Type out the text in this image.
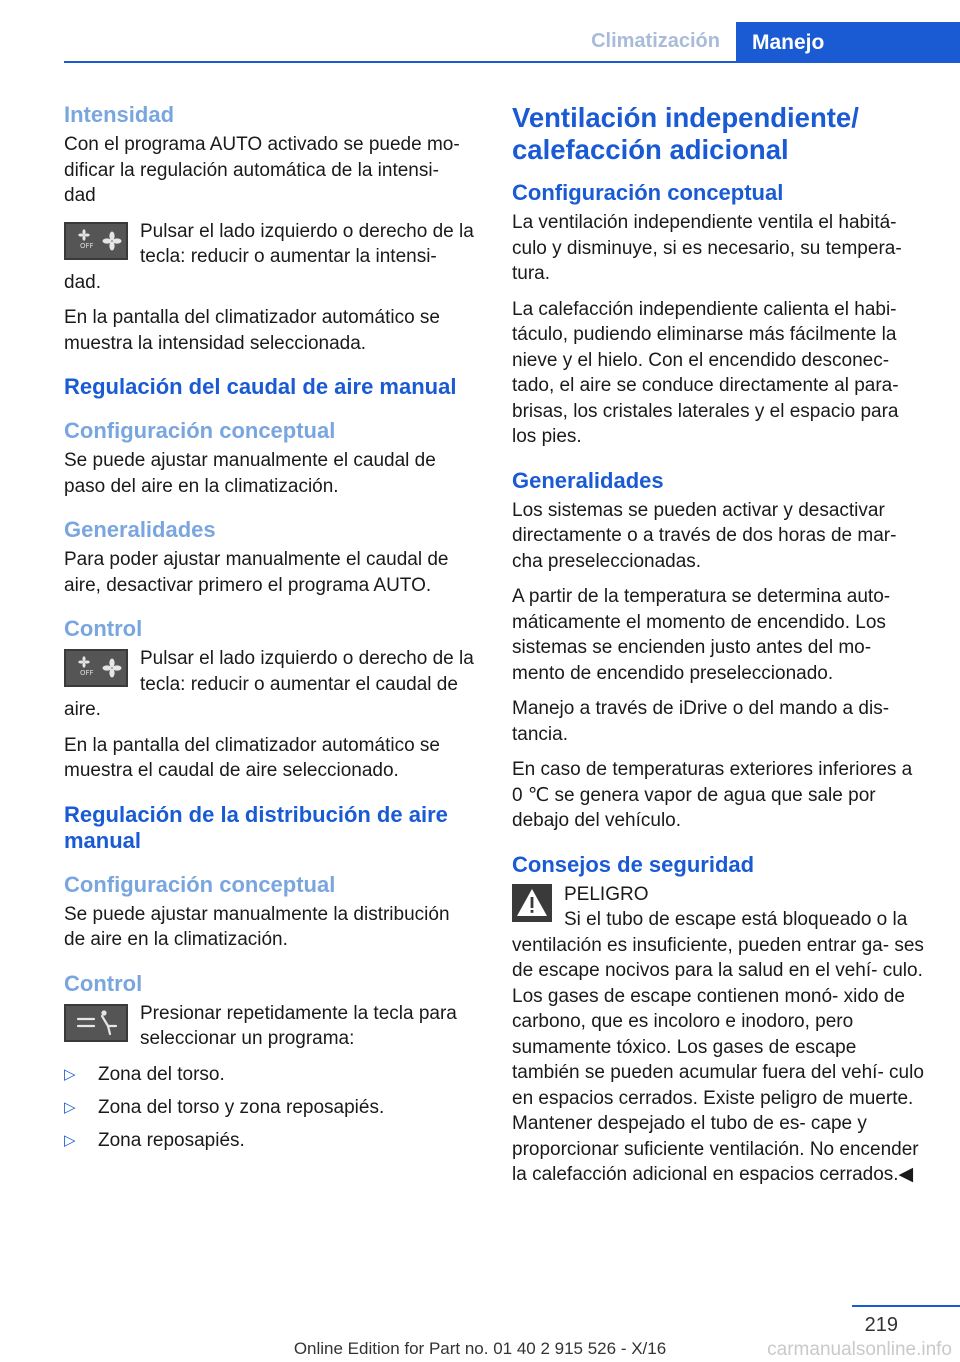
Climatización	Manejo
Intensidad

Con el programa AUTO activado se puede mo‐ dificar la regulación automática de la intensi‐ dad

OFF
Pulsar el lado izquierdo o derecho de la tecla: reducir o aumentar la intensi‐ dad.

En la pantalla del climatizador automático se muestra la intensidad seleccionada.

Regulación del caudal de aire manual
Configuración conceptual

Se puede ajustar manualmente el caudal de paso del aire en la climatización.

Generalidades

Para poder ajustar manualmente el caudal de aire, desactivar primero el programa AUTO.

Control

OFF
Pulsar el lado izquierdo o derecho de la tecla: reducir o aumentar el caudal de aire.

En la pantalla del climatizador automático se muestra el caudal de aire seleccionado.

Regulación de la distribución de aire manual
Configuración conceptual

Se puede ajustar manualmente la distribución de aire en la climatización.

Control

Presionar repetidamente la tecla para seleccionar un programa:

▷ Zona del torso.
▷ Zona del torso y zona reposapiés.
▷ Zona reposapiés.
Ventilación independiente/ calefacción adicional
Configuración conceptual

La ventilación independiente ventila el habitá‐ culo y disminuye, si es necesario, su tempera‐ tura.

La calefacción independiente calienta el habi‐ táculo, pudiendo eliminarse más fácilmente la nieve y el hielo. Con el encendido desconec‐ tado, el aire se conduce directamente al para‐ brisas, los cristales laterales y el espacio para los pies.

Generalidades

Los sistemas se pueden activar y desactivar directamente o a través de dos horas de mar‐ cha preseleccionadas.

A partir de la temperatura se determina auto‐ máticamente el momento de encendido. Los sistemas se encienden justo antes del mo‐ mento de encendido preseleccionado.

Manejo a través de iDrive o del mando a dis‐ tancia.

En caso de temperaturas exteriores inferiores a 0 ℃ se genera vapor de agua que sale por debajo del vehículo.

Consejos de seguridad

PELIGRO
Si el tubo de escape está bloqueado o la ventilación es insuficiente, pueden entrar ga‐ ses de escape nocivos para la salud en el vehí‐ culo. Los gases de escape contienen monó‐ xido de carbono, que es incoloro e inodoro, pero sumamente tóxico. Los gases de escape también se pueden acumular fuera del vehí‐ culo en espacios cerrados. Existe peligro de muerte. Mantener despejado el tubo de es‐ cape y proporcionar suficiente ventilación. No encender la calefacción adicional en espacios cerrados.◀

219
Online Edition for Part no. 01 40 2 915 526 - X/16	carmanualsonline.info
